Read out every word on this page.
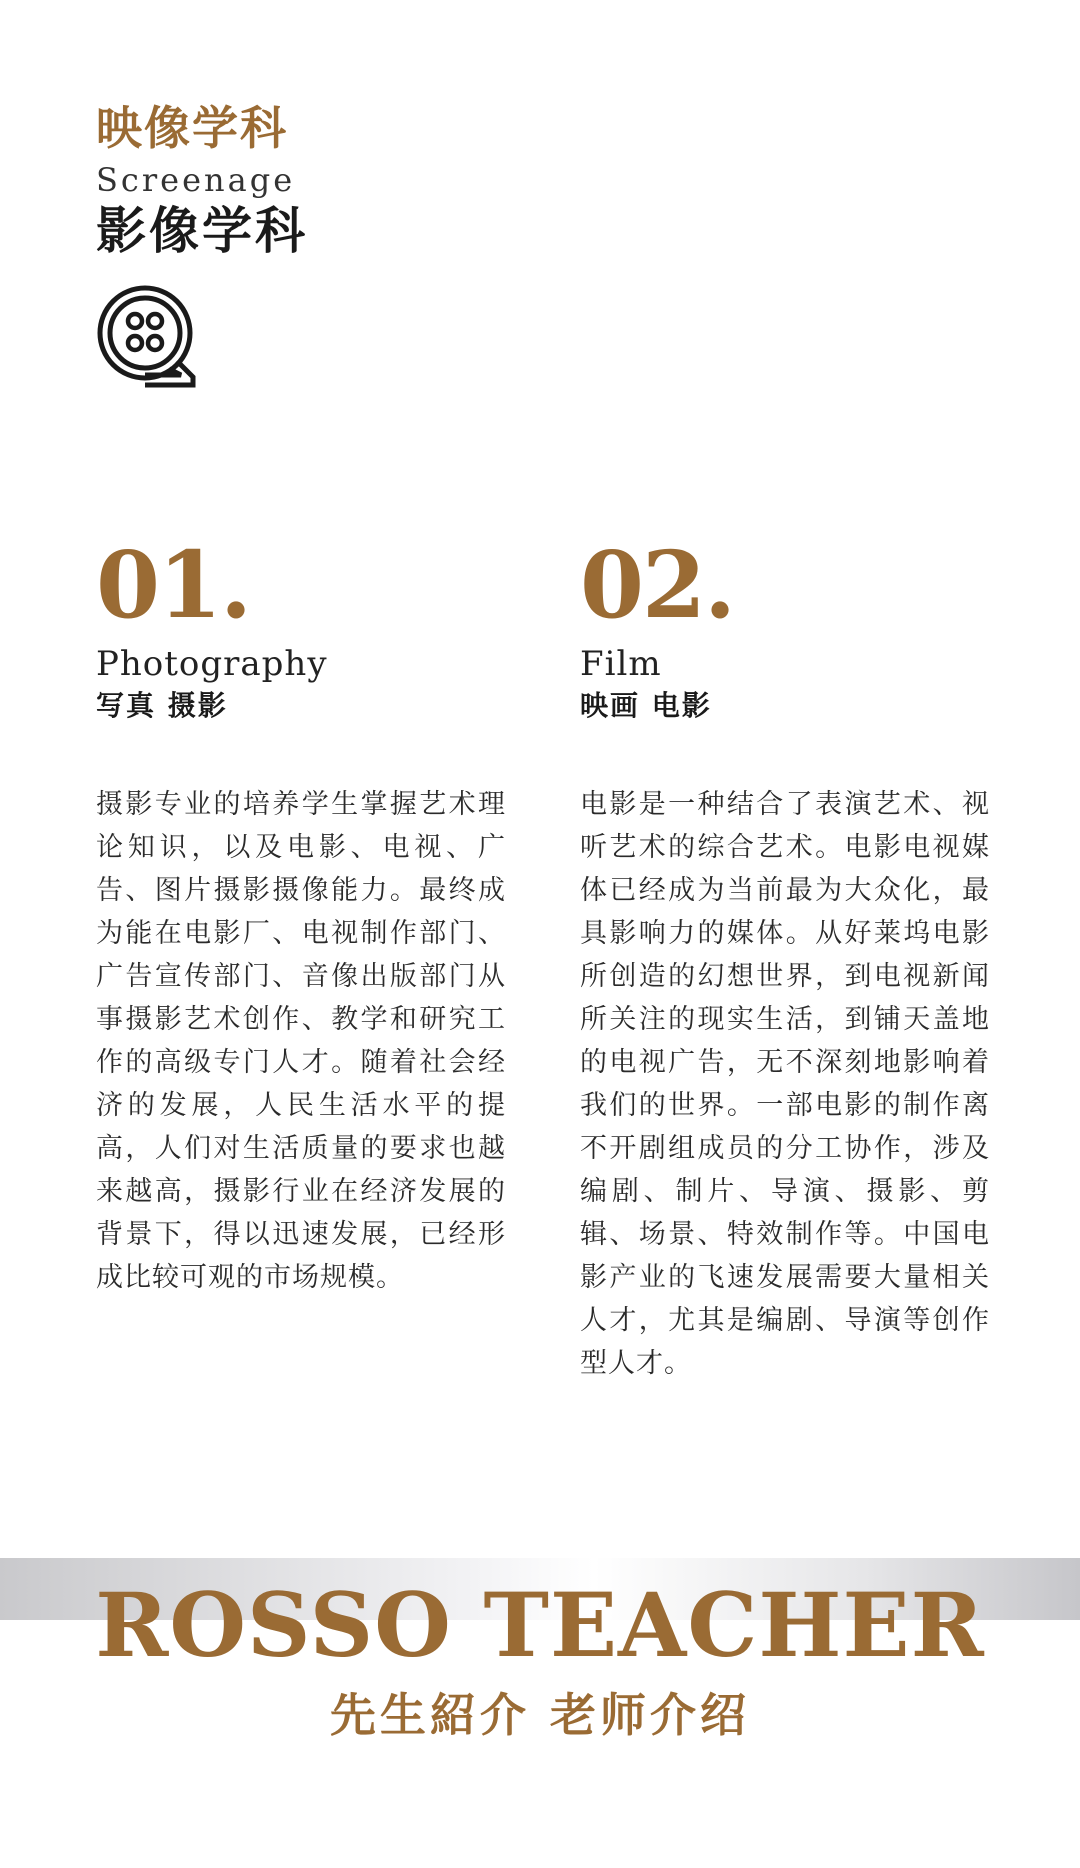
映像学科
Screenage
影像学科
01.
Photography
写真 摄影
摄影专业的培养学生掌握艺术理论知识，以及电影、电视、广告、图片摄影摄像能力。最终成为能在电影厂、电视制作部门、广告宣传部门、音像出版部门从事摄影艺术创作、教学和研究工作的高级专门人才。随着社会经济的发展，人民生活水平的提高，人们对生活质量的要求也越来越高，摄影行业在经济发展的背景下，得以迅速发展，已经形成比较可观的市场规模。
02.
Film
映画 电影
电影是一种结合了表演艺术、视听艺术的综合艺术。电影电视媒体已经成为当前最为大众化，最具影响力的媒体。从好莱坞电影所创造的幻想世界，到电视新闻所关注的现实生活，到铺天盖地的电视广告，无不深刻地影响着我们的世界。一部电影的制作离不开剧组成员的分工协作，涉及编剧、制片、导演、摄影、剪辑、场景、特效制作等。中国电影产业的飞速发展需要大量相关人才，尤其是编剧、导演等创作型人才。
ROSSO TEACHER
先生紹介 老师介绍
